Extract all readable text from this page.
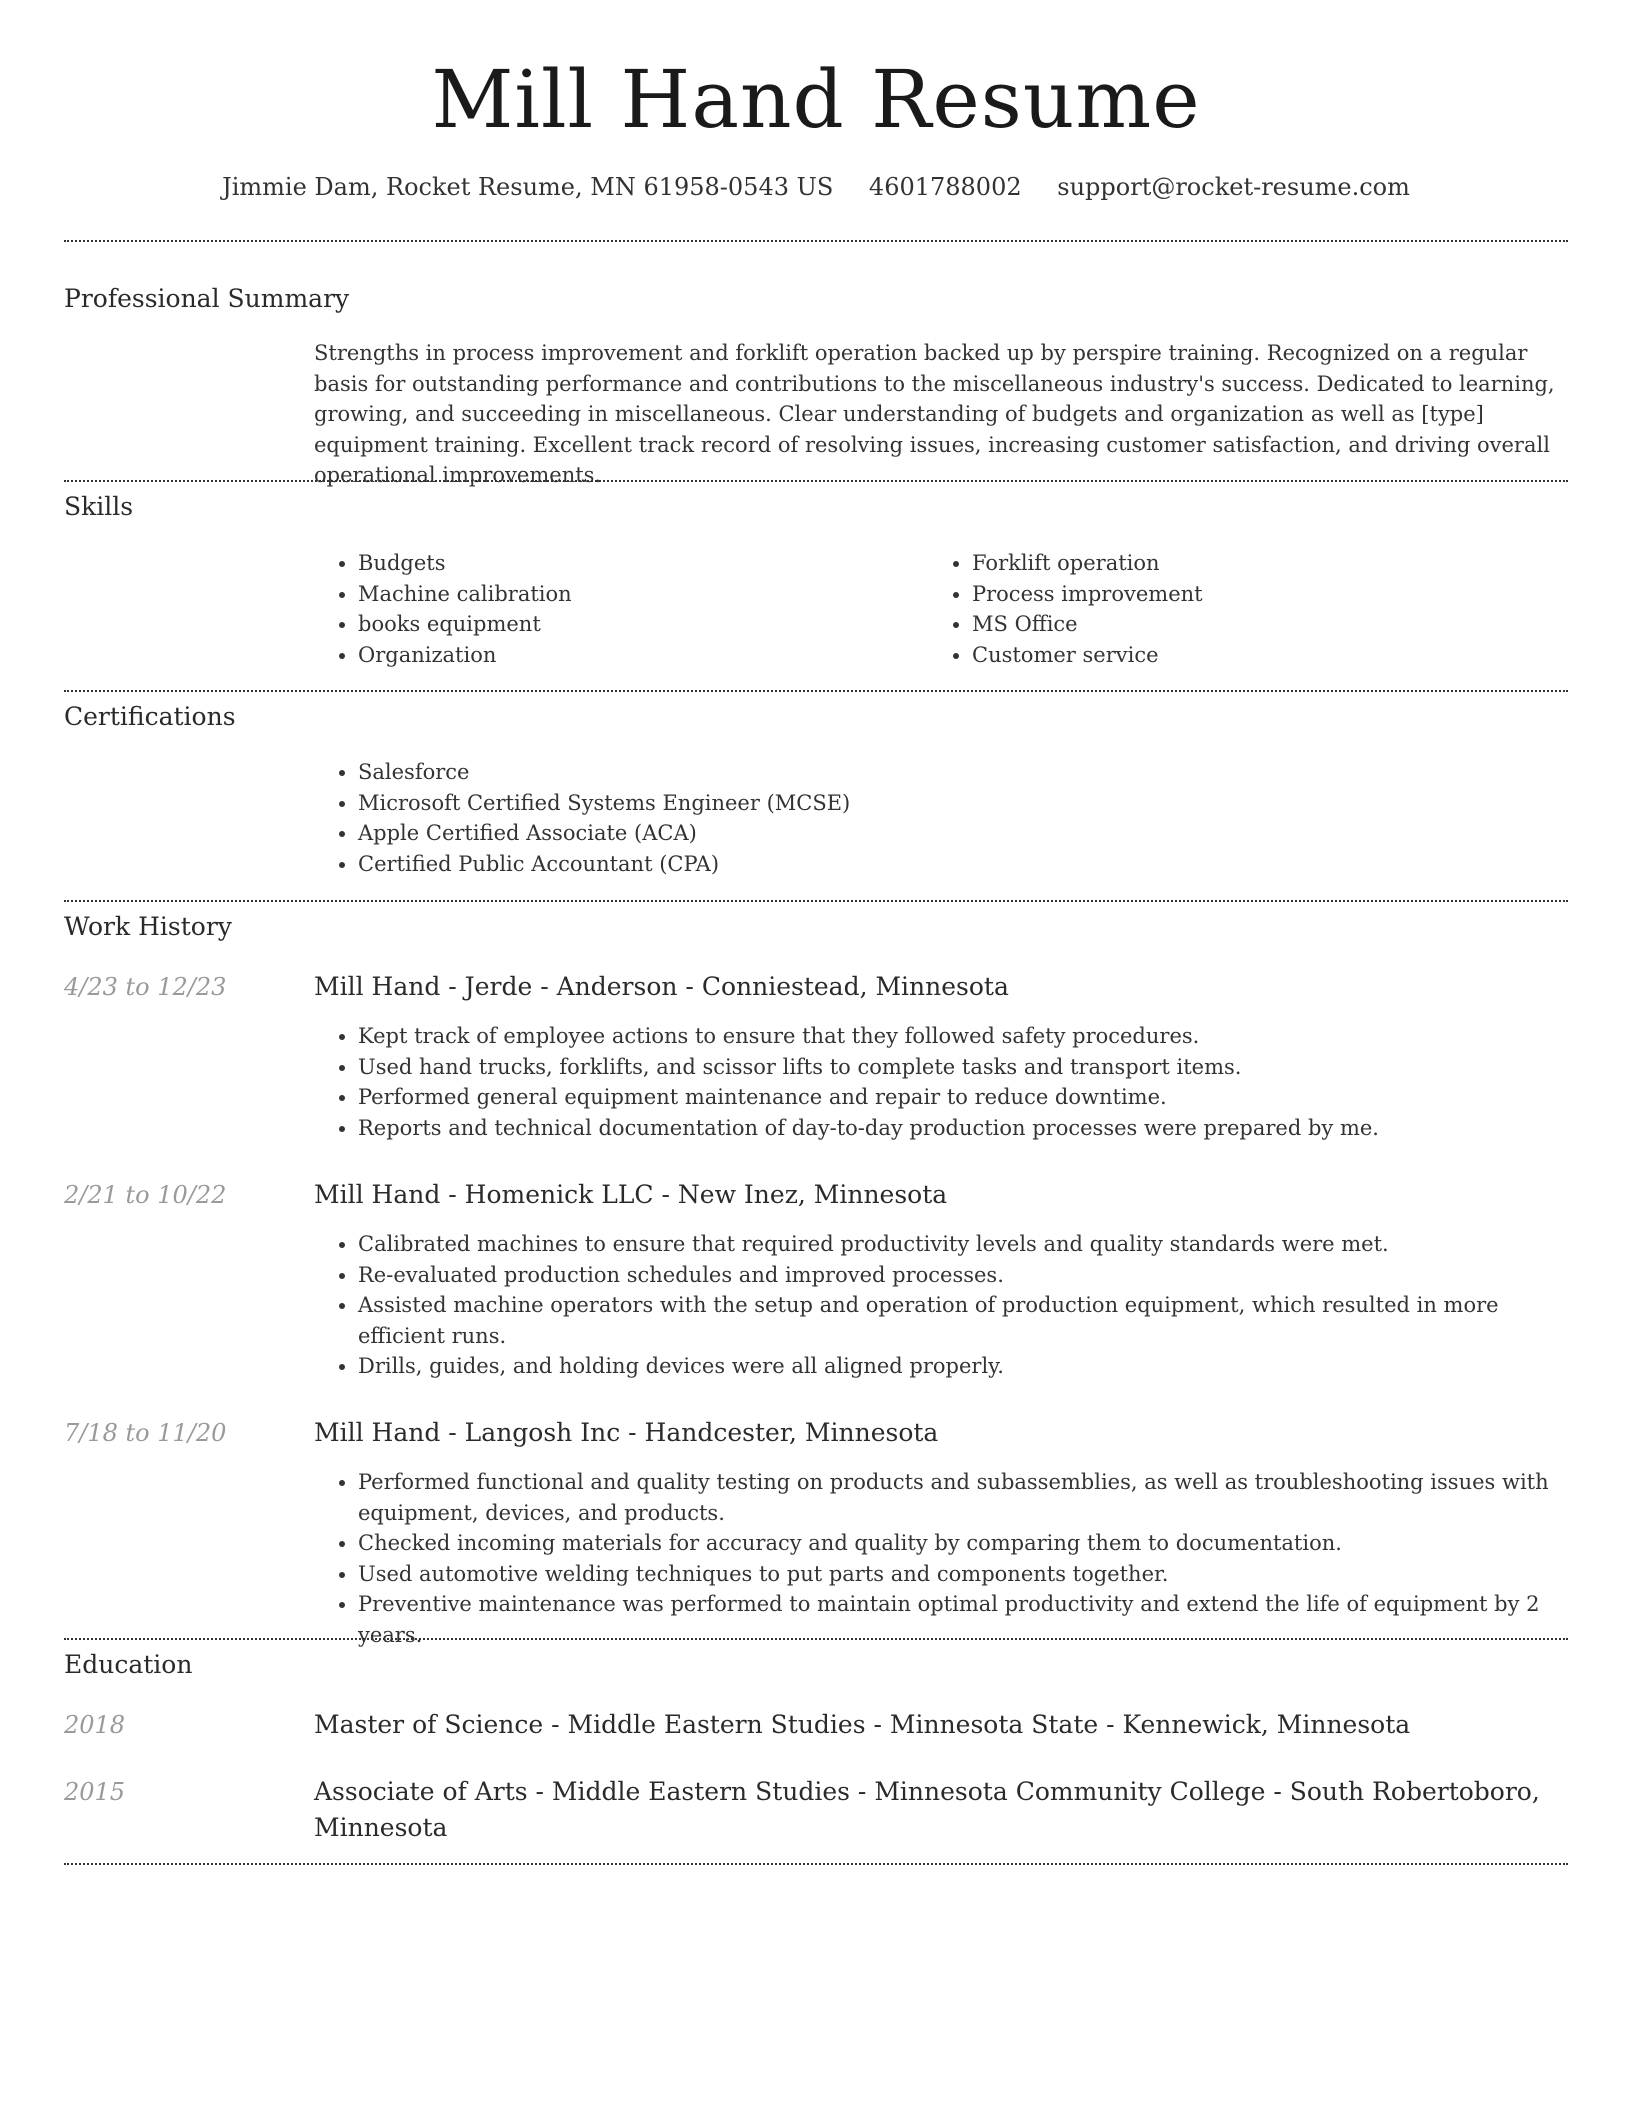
Mill Hand Resume
Jimmie Dam, Rocket Resume, MN 61958-0543 US 4601788002 support@rocket-resume.com
Professional Summary

Strengths in process improvement and forklift operation backed up by perspire training. Recognized on a regular basis for outstanding performance and contributions to the miscellaneous industry's success. Dedicated to learning, growing, and succeeding in miscellaneous. Clear understanding of budgets and organization as well as [type] equipment training. Excellent track record of resolving issues, increasing customer satisfaction, and driving overall operational improvements.

Skills
• Budgets
• Machine calibration
• books equipment
• Organization
• Forklift operation
• Process improvement
• MS Office
• Customer service
Certifications
• Salesforce
• Microsoft Certified Systems Engineer (MCSE)
• Apple Certified Associate (ACA)
• Certified Public Accountant (CPA)
Work History
4/23 to 12/23	Mill Hand - Jerde - Anderson - Conniestead, Minnesota
• Kept track of employee actions to ensure that they followed safety procedures.
• Used hand trucks, forklifts, and scissor lifts to complete tasks and transport items.
• Performed general equipment maintenance and repair to reduce downtime.
• Reports and technical documentation of day-to-day production processes were prepared by me.
2/21 to 10/22	Mill Hand - Homenick LLC - New Inez, Minnesota
• Calibrated machines to ensure that required productivity levels and quality standards were met.
• Re-evaluated production schedules and improved processes.
• Assisted machine operators with the setup and operation of production equipment, which resulted in more efficient runs.
• Drills, guides, and holding devices were all aligned properly.
7/18 to 11/20	Mill Hand - Langosh Inc - Handcester, Minnesota
• Performed functional and quality testing on products and subassemblies, as well as troubleshooting issues with equipment, devices, and products.
• Checked incoming materials for accuracy and quality by comparing them to documentation.
• Used automotive welding techniques to put parts and components together.
• Preventive maintenance was performed to maintain optimal productivity and extend the life of equipment by 2 years.
Education
2018	Master of Science - Middle Eastern Studies - Minnesota State - Kennewick, Minnesota
2015	Associate of Arts - Middle Eastern Studies - Minnesota Community College - South Robertoboro, Minnesota
